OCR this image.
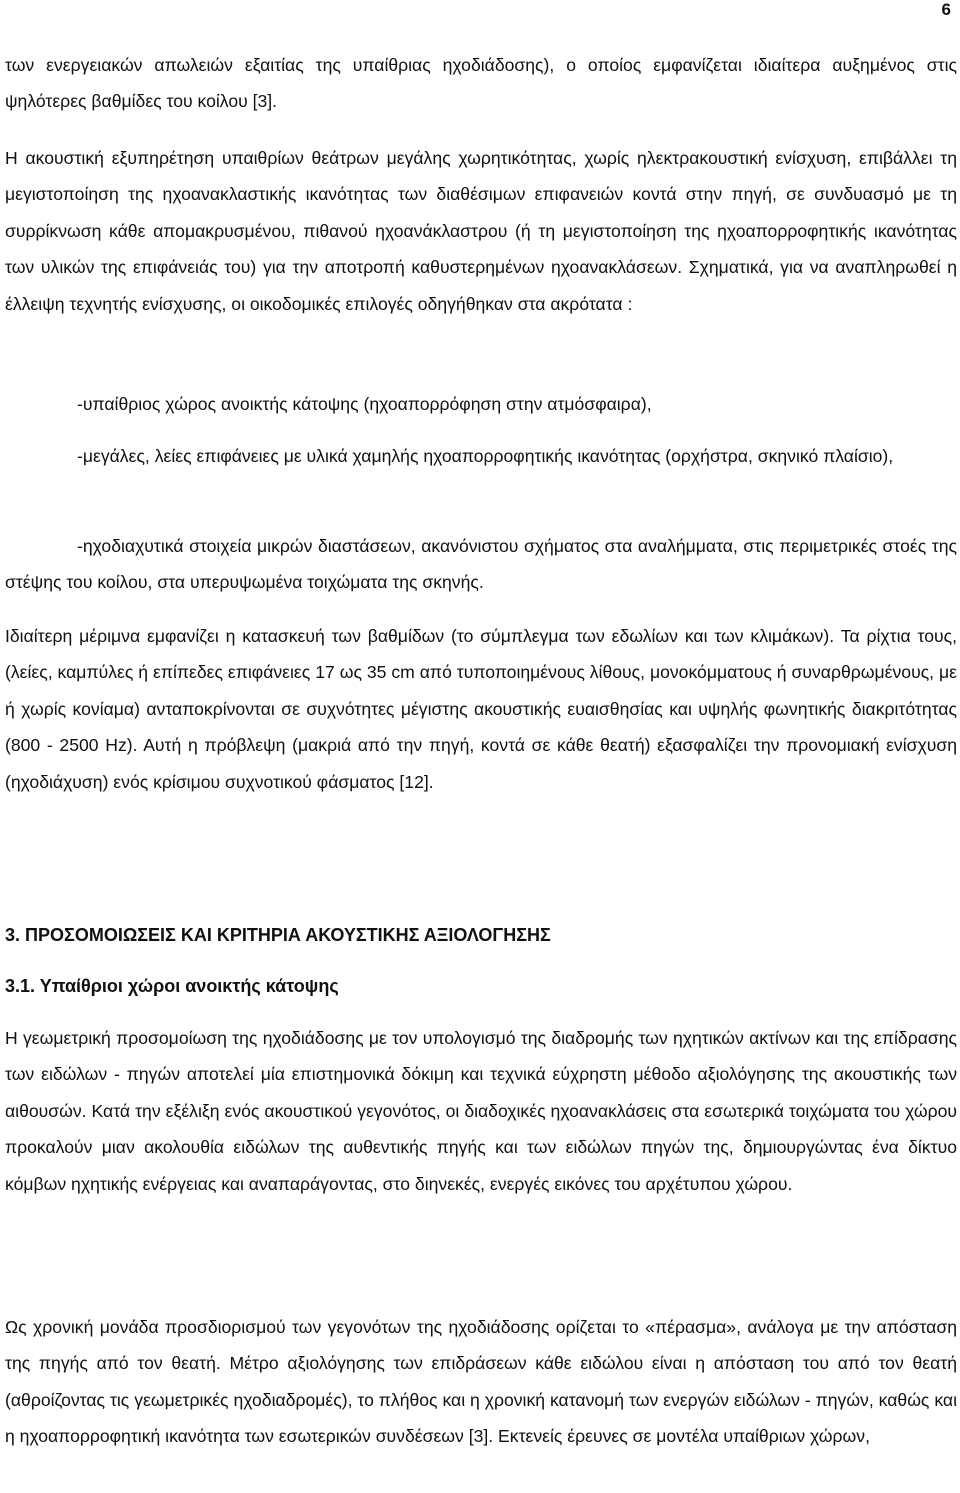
6

των ενεργειακών απωλειών εξαιτίας της υπαίθριας ηχοδιάδοσης), ο οποίος εμφανίζεται ιδιαίτερα αυξημένος στις ψηλότερες βαθμίδες του κοίλου [3].

Η ακουστική εξυπηρέτηση υπαιθρίων θεάτρων μεγάλης χωρητικότητας, χωρίς ηλεκτρακουστική ενίσχυση, επιβάλλει τη μεγιστοποίηση της ηχοανακλαστικής ικανότητας των διαθέσιμων επιφανειών κοντά στην πηγή, σε συνδυασμό με τη συρρίκνωση κάθε απομακρυσμένου, πιθανού ηχοανάκλαστρου (ή τη μεγιστοποίηση της ηχοαπορροφητικής ικανότητας των υλικών της επιφάνειάς του) για την αποτροπή καθυστερημένων ηχοανακλάσεων. Σχηματικά, για να αναπληρωθεί η έλλειψη τεχνητής ενίσχυσης, οι οικοδομικές επιλογές οδηγήθηκαν στα ακρότατα :

-υπαίθριος χώρος ανοικτής κάτοψης (ηχοαπορρόφηση στην ατμόσφαιρα),

-μεγάλες, λείες επιφάνειες με υλικά χαμηλής ηχοαπορροφητικής ικανότητας (ορχήστρα, σκηνικό πλαίσιο),

-ηχοδιαχυτικά στοιχεία μικρών διαστάσεων, ακανόνιστου σχήματος στα αναλήμματα, στις περιμετρικές στοές της στέψης του κοίλου, στα υπερυψωμένα τοιχώματα της σκηνής.

Ιδιαίτερη μέριμνα εμφανίζει η κατασκευή των βαθμίδων (το σύμπλεγμα των εδωλίων και των κλιμάκων). Τα ρίχτια τους, (λείες, καμπύλες ή επίπεδες επιφάνειες 17 ως 35 cm από τυποποιημένους λίθους, μονοκόμματους ή συναρθρωμένους, με ή χωρίς κονίαμα) ανταποκρίνονται σε συχνότητες μέγιστης ακουστικής ευαισθησίας και υψηλής φωνητικής διακριτότητας (800 - 2500 Hz). Αυτή η πρόβλεψη (μακριά από την πηγή, κοντά σε κάθε θεατή) εξασφαλίζει την προνομιακή ενίσχυση (ηχοδιάχυση) ενός κρίσιμου συχνοτικού φάσματος [12].

3. ΠΡΟΣΟΜΟΙΩΣΕΙΣ ΚΑΙ ΚΡΙΤΗΡΙΑ ΑΚΟΥΣΤΙΚΗΣ ΑΞΙΟΛΟΓΗΣΗΣ
3.1. Υπαίθριοι χώροι ανοικτής κάτοψης

Η γεωμετρική προσομοίωση της ηχοδιάδοσης με τον υπολογισμό της διαδρομής των ηχητικών ακτίνων και της επίδρασης των ειδώλων - πηγών αποτελεί μία επιστημονικά δόκιμη και τεχνικά εύχρηστη μέθοδο αξιολόγησης της ακουστικής των αιθουσών. Κατά την εξέλιξη ενός ακουστικού γεγονότος, οι διαδοχικές ηχοανακλάσεις στα εσωτερικά τοιχώματα του χώρου προκαλούν μιαν ακολουθία ειδώλων της αυθεντικής πηγής και των ειδώλων πηγών της, δημιουργώντας ένα δίκτυο κόμβων ηχητικής ενέργειας και αναπαράγοντας, στο διηνεκές, ενεργές εικόνες του αρχέτυπου χώρου.

Ως χρονική μονάδα προσδιορισμού των γεγονότων της ηχοδιάδοσης ορίζεται το «πέρασμα», ανάλογα με την απόσταση της πηγής από τον θεατή. Μέτρο αξιολόγησης των επιδράσεων κάθε ειδώλου είναι η απόσταση του από τον θεατή (αθροίζοντας τις γεωμετρικές ηχοδιαδρομές), το πλήθος και η χρονική κατανομή των ενεργών ειδώλων - πηγών, καθώς και η ηχοαπορροφητική ικανότητα των εσωτερικών συνδέσεων [3]. Εκτενείς έρευνες σε μοντέλα υπαίθριων χώρων,
